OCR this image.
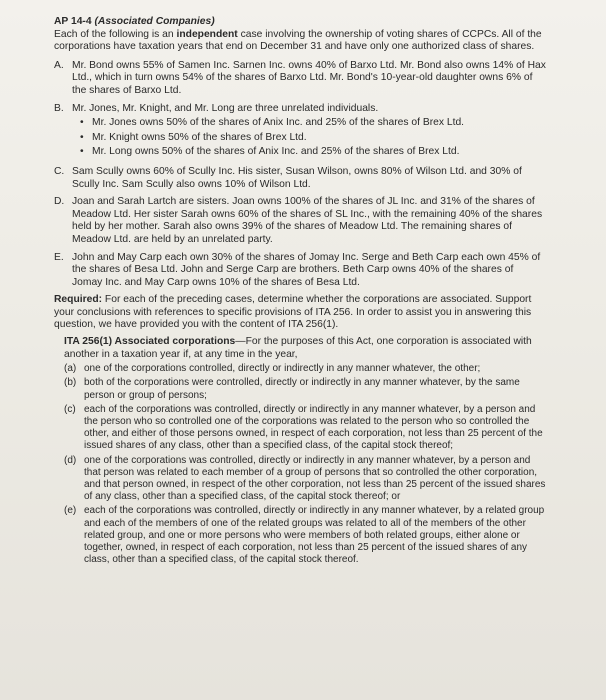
AP 14-4 (Associated Companies)

Each of the following is an independent case involving the ownership of voting shares of CCPCs. All of the corporations have taxation years that end on December 31 and have only one authorized class of shares.

A. Mr. Bond owns 55% of Samen Inc. Sarnen Inc. owns 40% of Barxo Ltd. Mr. Bond also owns 14% of Hax Ltd., which in turn owns 54% of the shares of Barxo Ltd. Mr. Bond's 10-year-old daughter owns 6% of the shares of Barxo Ltd.
B. Mr. Jones, Mr. Knight, and Mr. Long are three unrelated individuals.
• Mr. Jones owns 50% of the shares of Anix Inc. and 25% of the shares of Brex Ltd.
• Mr. Knight owns 50% of the shares of Brex Ltd.
• Mr. Long owns 50% of the shares of Anix Inc. and 25% of the shares of Brex Ltd.
C. Sam Scully owns 60% of Scully Inc. His sister, Susan Wilson, owns 80% of Wilson Ltd. and 30% of Scully Inc. Sam Scully also owns 10% of Wilson Ltd.
D. Joan and Sarah Lartch are sisters. Joan owns 100% of the shares of JL Inc. and 31% of the shares of Meadow Ltd. Her sister Sarah owns 60% of the shares of SL Inc., with the remaining 40% of the shares held by her mother. Sarah also owns 39% of the shares of Meadow Ltd. The remaining shares of Meadow Ltd. are held by an unrelated party.
E. John and May Carp each own 30% of the shares of Jomay Inc. Serge and Beth Carp each own 45% of the shares of Besa Ltd. John and Serge Carp are brothers. Beth Carp owns 40% of the shares of Jomay Inc. and May Carp owns 10% of the shares of Besa Ltd.

Required: For each of the preceding cases, determine whether the corporations are associated. Support your conclusions with references to specific provisions of ITA 256. In order to assist you in answering this question, we have provided you with the content of ITA 256(1).

ITA 256(1) Associated corporations—For the purposes of this Act, one corporation is associated with another in a taxation year if, at any time in the year,

(a) one of the corporations controlled, directly or indirectly in any manner whatever, the other;
(b) both of the corporations were controlled, directly or indirectly in any manner whatever, by the same person or group of persons;
(c) each of the corporations was controlled, directly or indirectly in any manner whatever, by a person and the person who so controlled one of the corporations was related to the person who so controlled the other, and either of those persons owned, in respect of each corporation, not less than 25 percent of the issued shares of any class, other than a specified class, of the capital stock thereof;
(d) one of the corporations was controlled, directly or indirectly in any manner whatever, by a person and that person was related to each member of a group of persons that so controlled the other corporation, and that person owned, in respect of the other corporation, not less than 25 percent of the issued shares of any class, other than a specified class, of the capital stock thereof; or
(e) each of the corporations was controlled, directly or indirectly in any manner whatever, by a related group and each of the members of one of the related groups was related to all of the members of the other related group, and one or more persons who were members of both related groups, either alone or together, owned, in respect of each corporation, not less than 25 percent of the issued shares of any class, other than a specified class, of the capital stock thereof.
